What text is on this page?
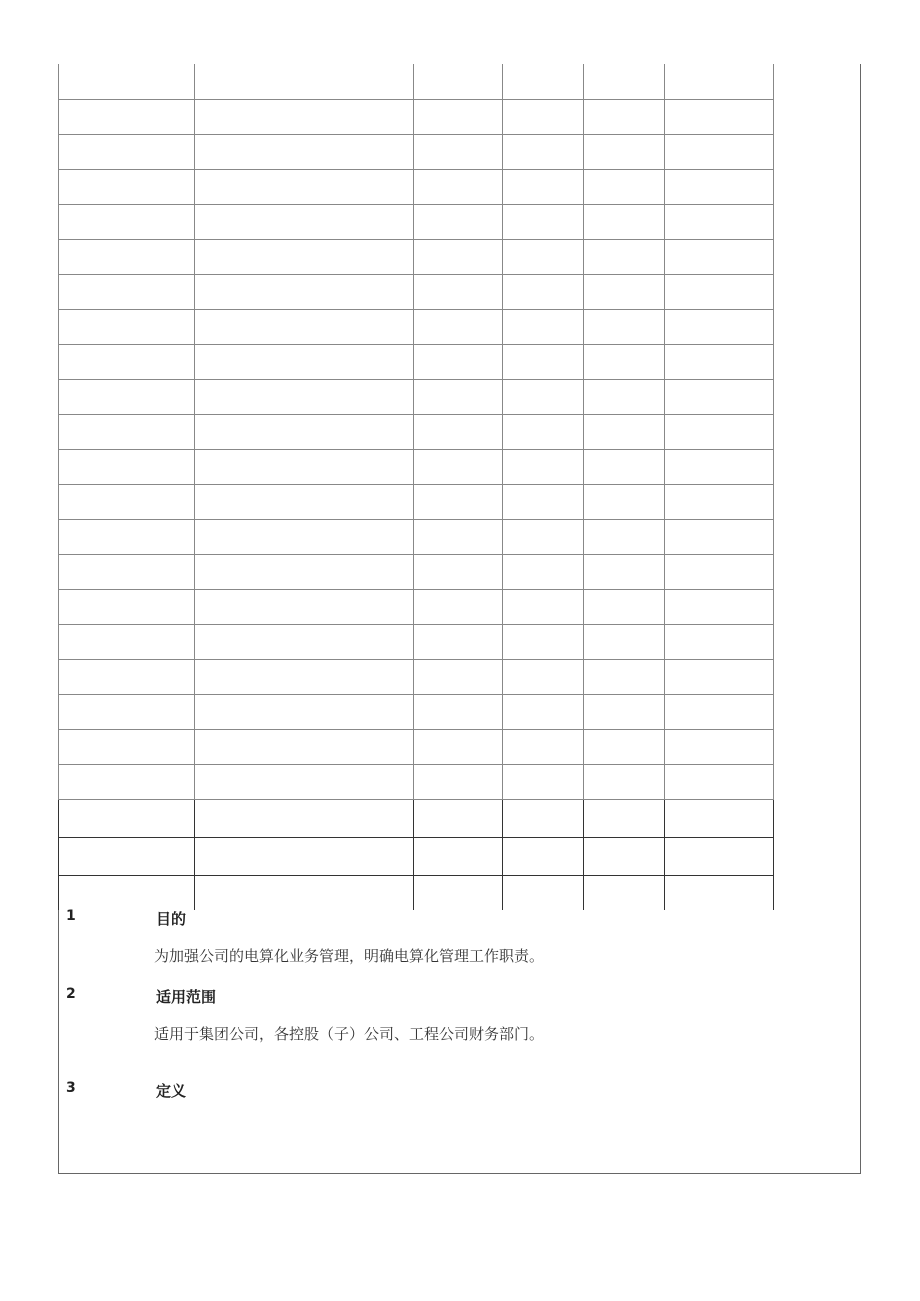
1	目的
为加强公司的电算化业务管理，明确电算化管理工作职责。
2	适用范围
适用于集团公司，各控股（子）公司、工程公司财务部门。
3	定义
